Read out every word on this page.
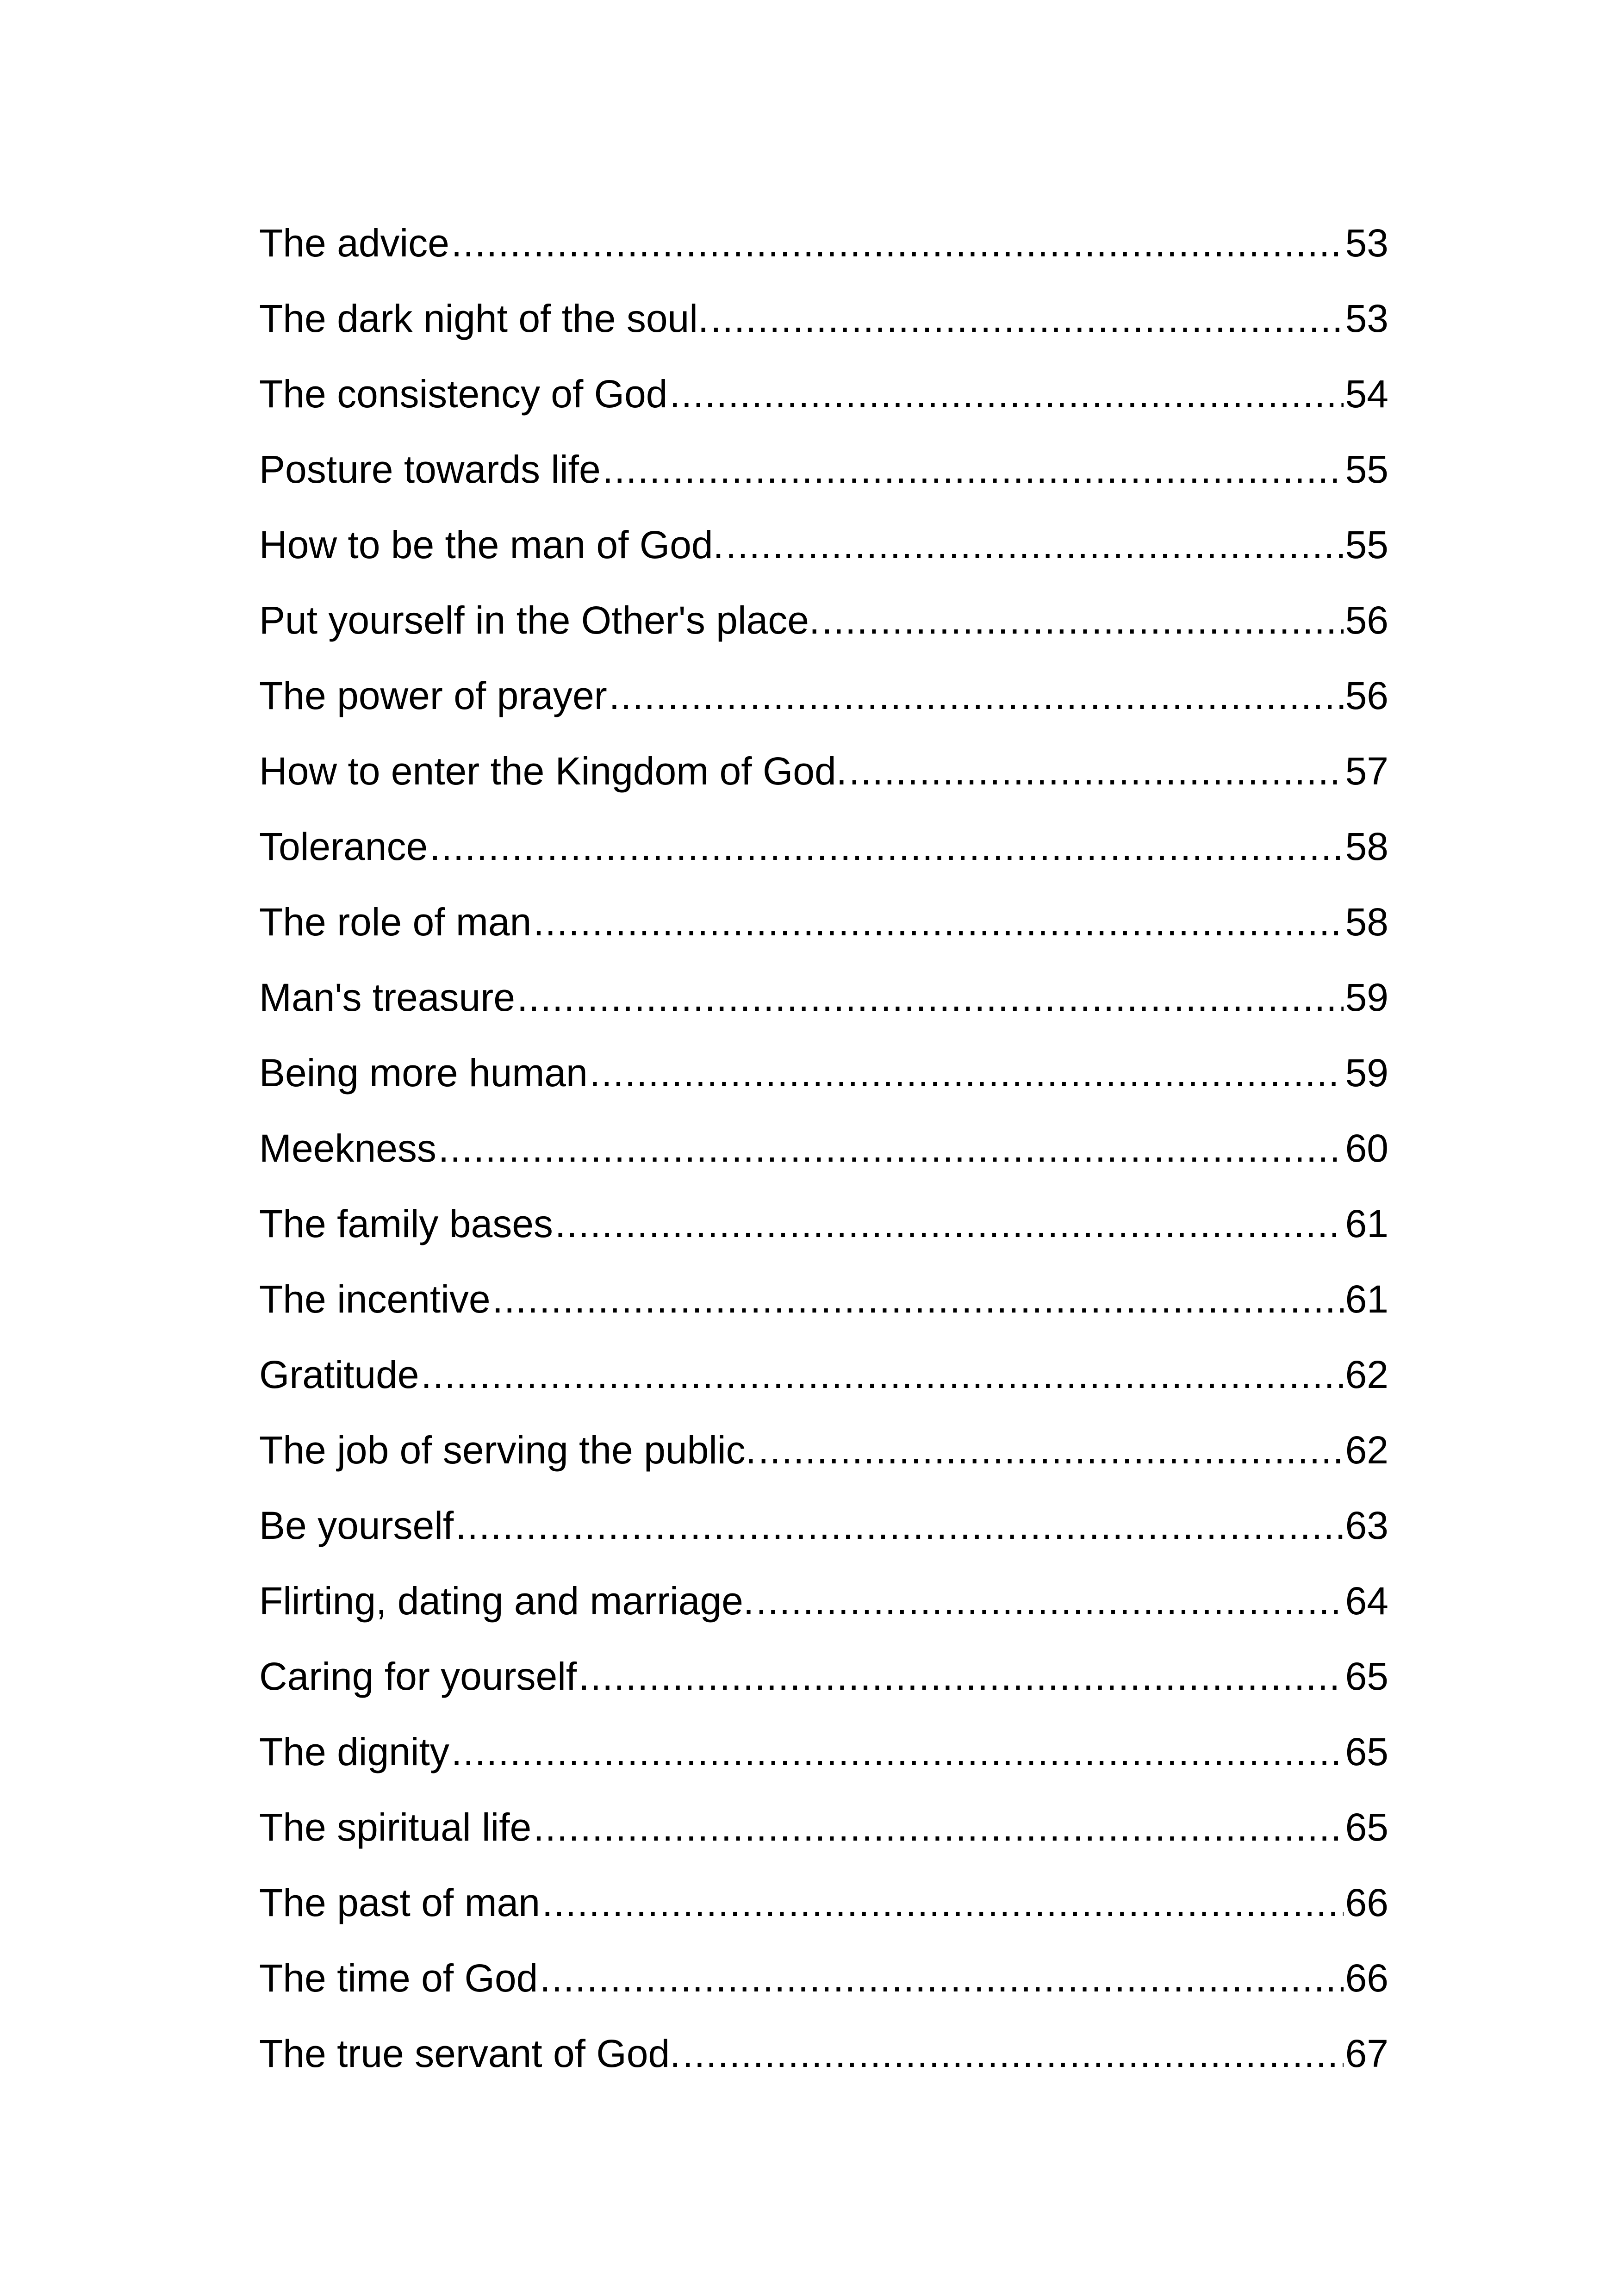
The advice .....	53
The dark night of the soul. .....	53
The consistency of God .....	54
Posture towards life .....	55
How to be the man of God. .....	55
Put yourself in the Other's place. .....	56
The power of prayer .....	56
How to enter the Kingdom of God. .....	57
Tolerance .....	58
The role of man .....	58
Man's treasure .....	59
Being more human .....	59
Meekness .....	60
The family bases .....	61
The incentive .....	61
Gratitude .....	62
The job of serving the public. .....	62
Be yourself .....	63
Flirting, dating and marriage. .....	64
Caring for yourself .....	65
The dignity .....	65
The spiritual life .....	65
The past of man .....	66
The time of God .....	66
The true servant of God. .....	67
